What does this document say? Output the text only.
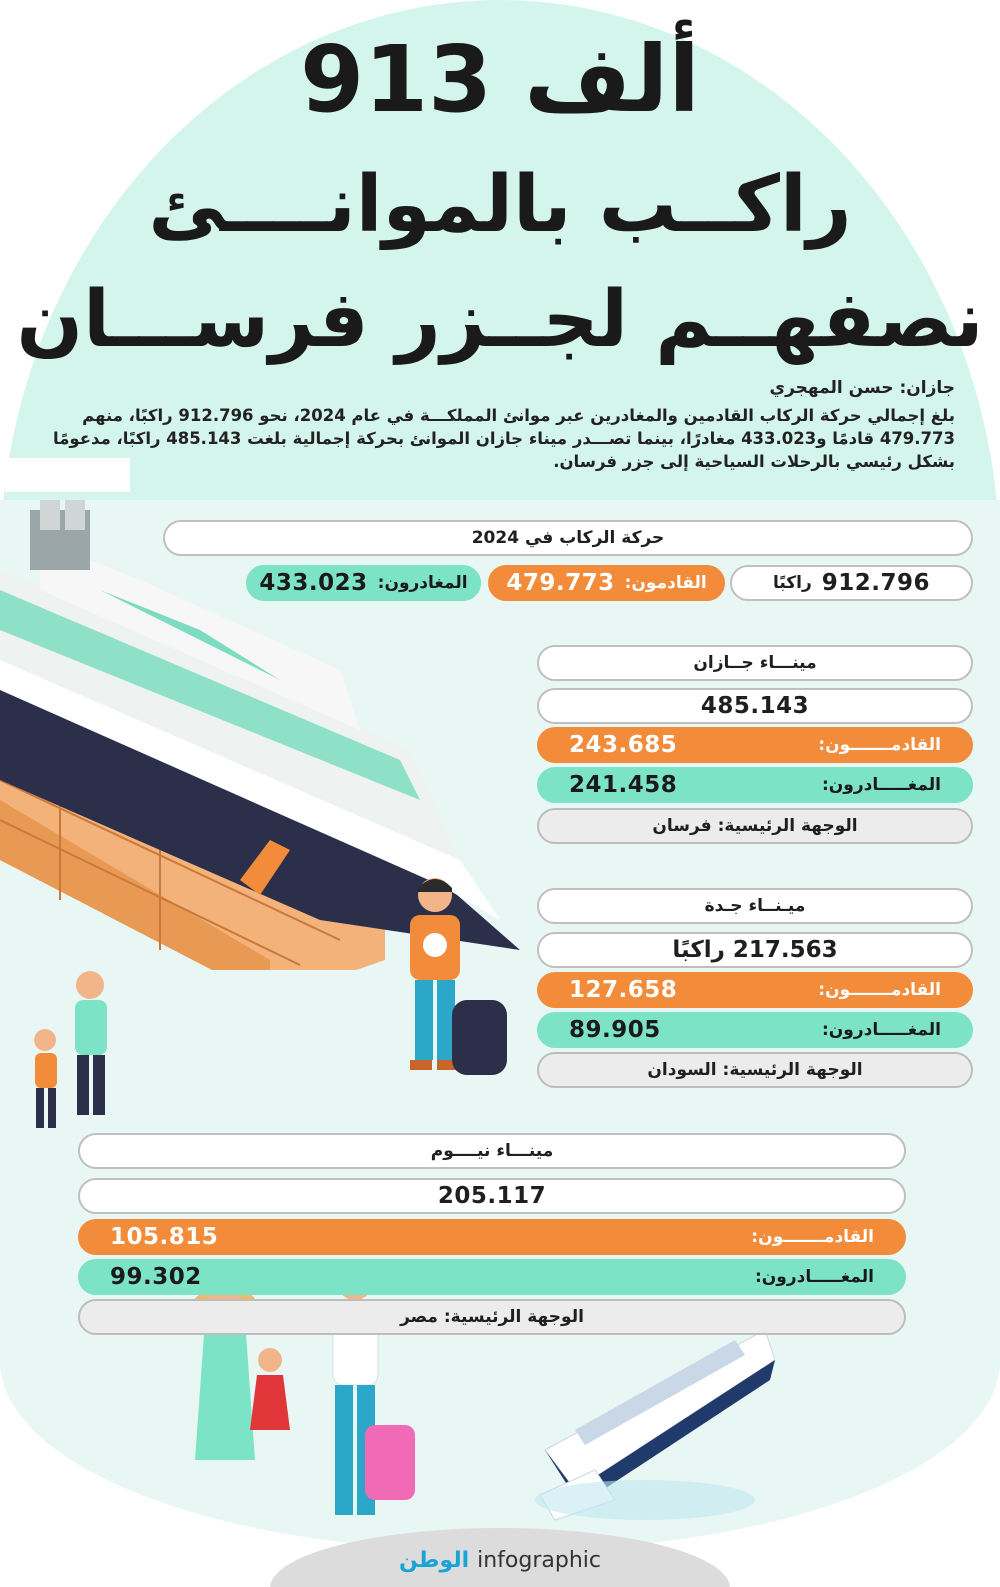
913 ألف
راكــب بالموانــــئ
نصفهــم لجــزر فرســـان
جازان: حسن المهجري
بلغ إجمالي حركة الركاب القادمين والمغادرين عبر موانئ المملكـــة في عام 2024، نحو 912.796 راكبًا، منهم 479.773 قادمًا و433.023 مغادرًا، بينما تصـــدر ميناء جازان الموانئ بحركة إجمالية بلغت 485.143 راكبًا، مدعومًا بشكل رئيسي بالرحلات السياحية إلى جزر فرسان.
حركة الركاب في 2024
912.796
راكبًا
القادمون:
479.773
المغادرون:
433.023
مينـــاء جــازان
485.143
القادمـــــــون:
243.685
المغـــــادرون:
241.458
الوجهة الرئيسية: فرسان
ميـنــاء جـدة
217.563 راكبًا
القادمـــــــون:
127.658
المغـــــادرون:
89.905
الوجهة الرئيسية: السودان
مينـــاء نيــــوم
205.117
القادمـــــــون:
105.815
المغـــــادرون:
99.302
الوجهة الرئيسية: مصر
الوطن infographic
